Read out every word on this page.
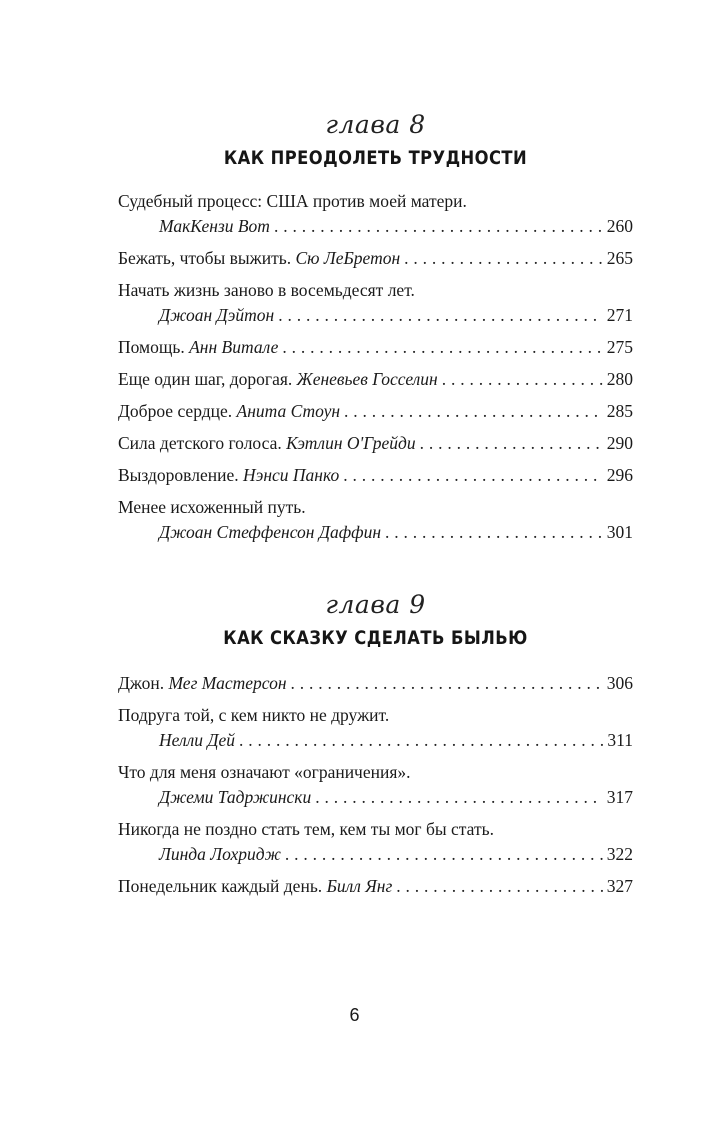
глава 8
КАК ПРЕОДОЛЕТЬ ТРУДНОСТИ
Судебный процесс: США против моей матери.
МакКензи Вот . . .	260
Бежать, чтобы выжить.
Сю ЛеБретон . . .	265
Начать жизнь заново в восемьдесят лет.
Джоан Дэйтон . . .	271
Помощь.
Анн Витале . . .	275
Еще один шаг, дорогая.
Женевьев Госселин . . .	280
Доброе сердце.
Анита Стоун . . .	285
Сила детского голоса.
Кэтлин О'Грейди . . .	290
Выздоровление.
Нэнси Панко . . .	296
Менее исхоженный путь.
Джоан Стеффенсон Даффин . . .	301
глава 9
КАК СКАЗКУ СДЕЛАТЬ БЫЛЬЮ
Джон.
Мег Мастерсон . . .	306
Подруга той, с кем никто не дружит.
Нелли Дей . . .	311
Что для меня означают «ограничения».
Джеми Тадржински . . .	317
Никогда не поздно стать тем, кем ты мог бы стать.
Линда Лохридж . . .	322
Понедельник каждый день.
Билл Янг . . .	327
6
